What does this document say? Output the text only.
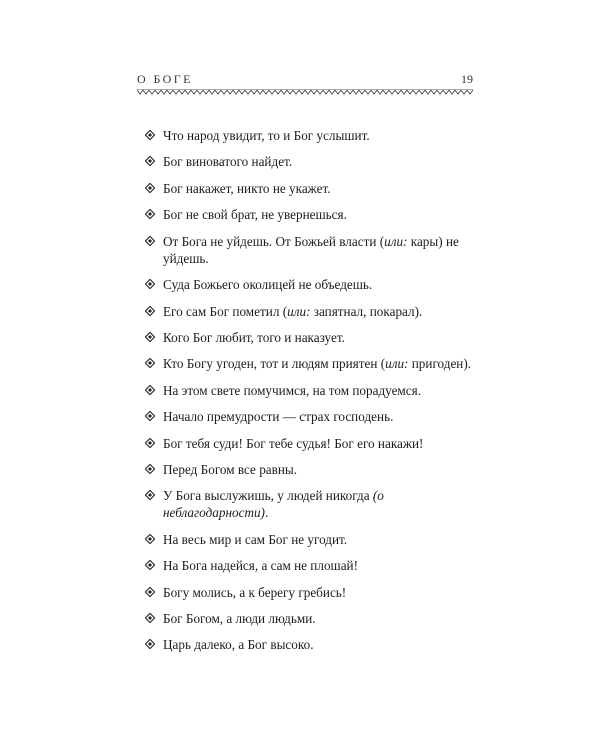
О БОГЕ	19
Что народ увидит, то и Бог услышит.
Бог виноватого найдет.
Бог накажет, никто не укажет.
Бог не свой брат, не увернешься.
От Бога не уйдешь. От Божьей власти (или: кары) не уйдешь.
Суда Божьего околицей не объедешь.
Его сам Бог пометил (или: запятнал, покарал).
Кого Бог любит, того и наказует.
Кто Богу угоден, тот и людям приятен (или: пригоден).
На этом свете помучимся, на том порадуемся.
Начало премудрости — страх господень.
Бог тебя суди! Бог тебе судья! Бог его накажи!
Перед Богом все равны.
У Бога выслужишь, у людей никогда (о неблагодарности).
На весь мир и сам Бог не угодит.
На Бога надейся, а сам не плошай!
Богу молись, а к берегу гребись!
Бог Богом, а люди людьми.
Царь далеко, а Бог высоко.
